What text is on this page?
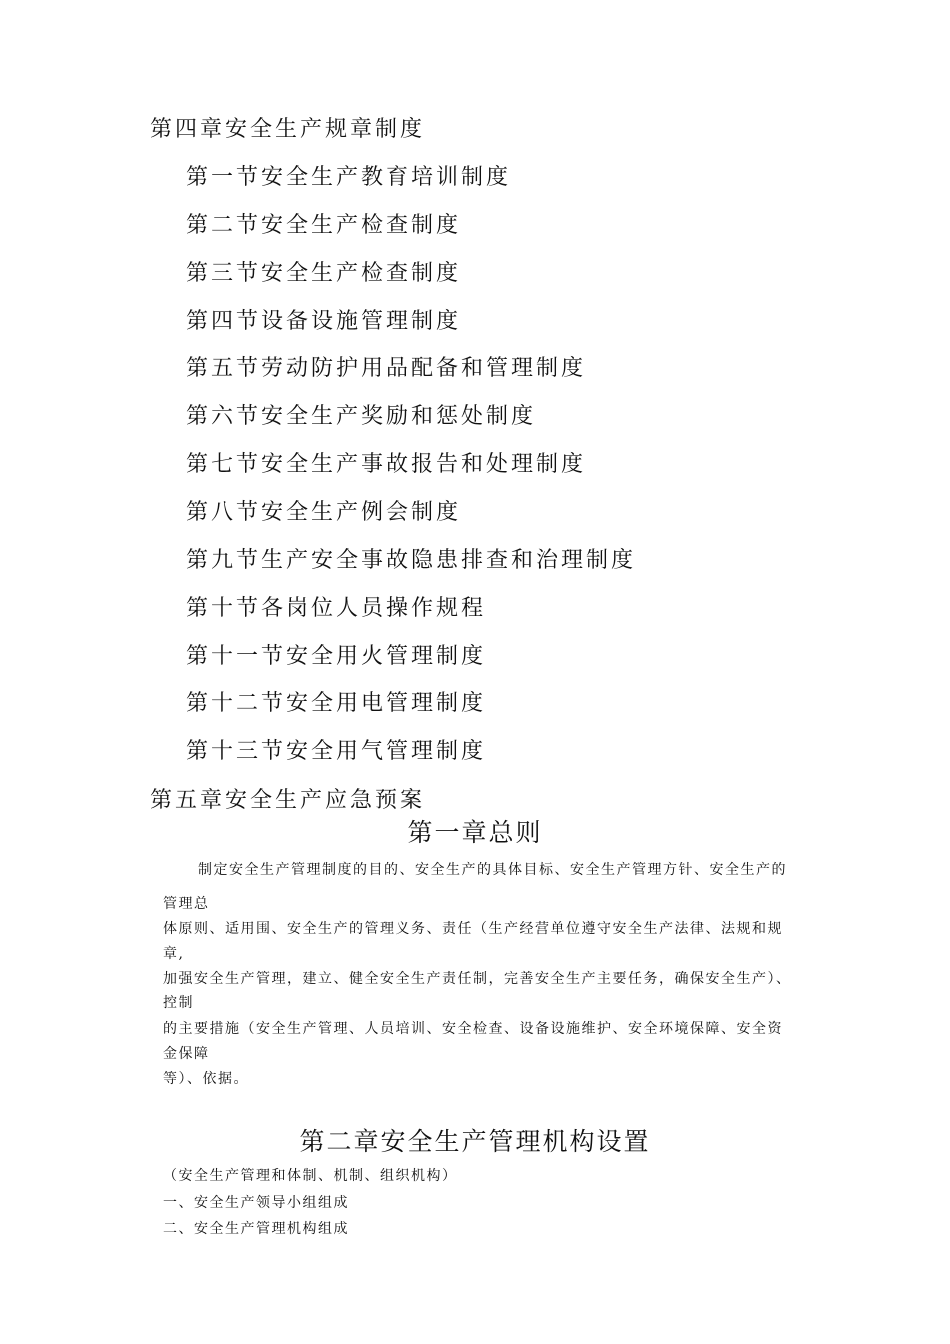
第四章安全生产规章制度
第一节安全生产教育培训制度
第二节安全生产检查制度
第三节安全生产检查制度
第四节设备设施管理制度
第五节劳动防护用品配备和管理制度
第六节安全生产奖励和惩处制度
第七节安全生产事故报告和处理制度
第八节安全生产例会制度
第九节生产安全事故隐患排查和治理制度
第十节各岗位人员操作规程
第十一节安全用火管理制度
第十二节安全用电管理制度
第十三节安全用气管理制度
第五章安全生产应急预案
第一章总则
制定安全生产管理制度的目的、安全生产的具体目标、安全生产管理方针、安全生产的
管理总
体原则、适用围、安全生产的管理义务、责任（生产经营单位遵守安全生产法律、法规和规
章,
加强安全生产管理，建立、健全安全生产责任制，完善安全生产主要任务，确保安全生产）、
控制
的主要措施（安全生产管理、人员培训、安全检查、设备设施维护、安全环境保障、安全资
金保障
等）、依据。
第二章安全生产管理机构设置
（安全生产管理和体制、机制、组织机构）
一、安全生产领导小组组成
二、安全生产管理机构组成
